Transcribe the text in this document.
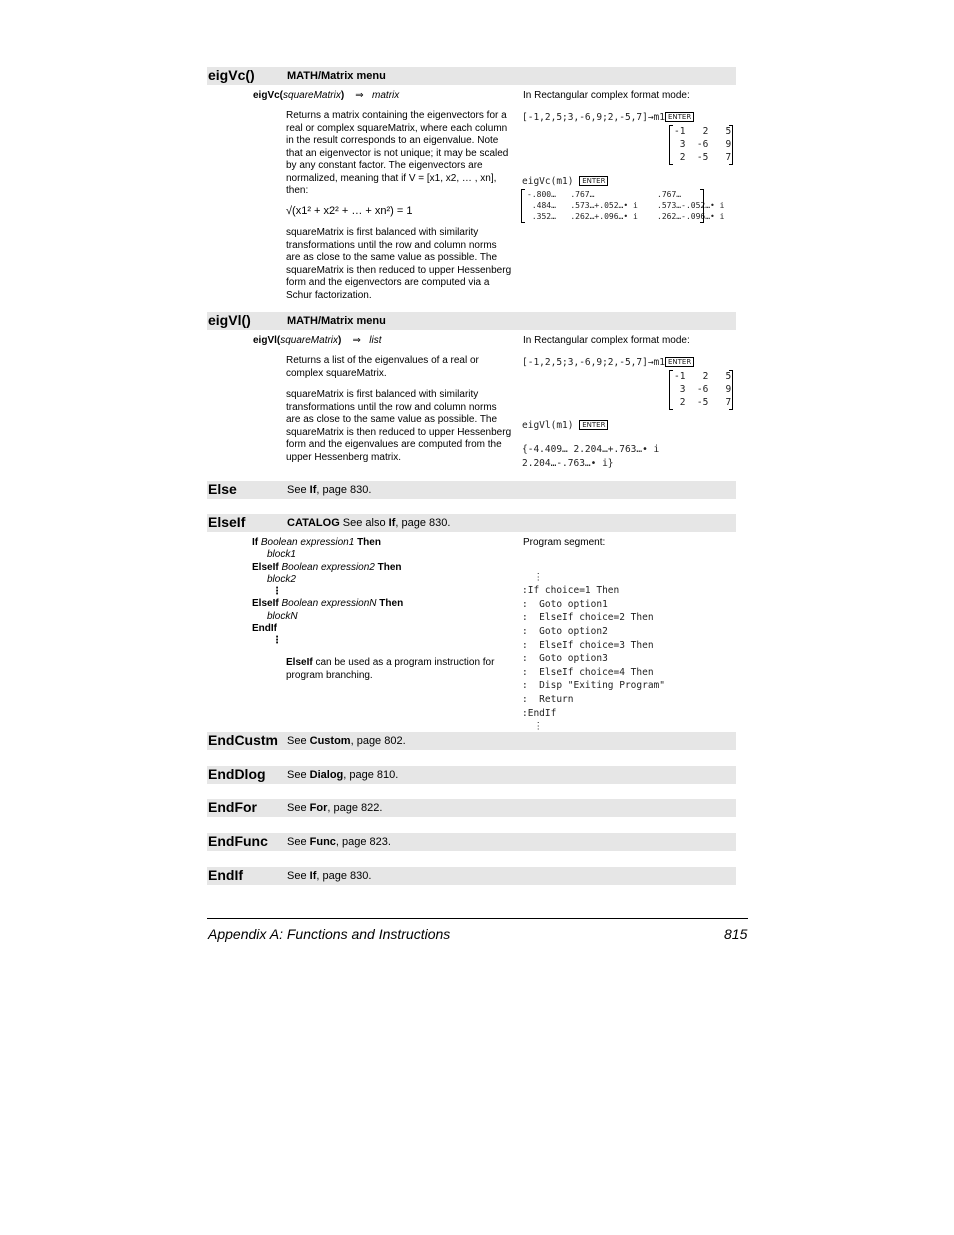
eigVc()	MATH/Matrix menu
eigVc(squareMatrix) ⇒ matrix
Returns a matrix containing the eigenvectors for a real or complex squareMatrix, where each column in the result corresponds to an eigenvalue. Note that an eigenvector is not unique; it may be scaled by any constant factor. The eigenvectors are normalized, meaning that if V = [x1, x2, … , xn], then:
√(x1² + x2² + … + xn²) = 1
squareMatrix is first balanced with similarity transformations until the row and column norms are as close to the same value as possible. The squareMatrix is then reduced to upper Hessenberg form and the eigenvectors are computed via a Schur factorization.
In Rectangular complex format mode:
[-1,2,5;3,-6,9;2,-5,7]→m1 ENTER
-1   2   5
3  -6   9
2  -5   7
eigVc(m1) ENTER
-.800…   .767…             .767…
.484…   .573…+.052…• i    .573…-.052…• i
.352…   .262…+.096…• i    .262…-.096…• i
eigVl()	MATH/Matrix menu
eigVl(squareMatrix) ⇒ list
Returns a list of the eigenvalues of a real or complex squareMatrix.
squareMatrix is first balanced with similarity transformations until the row and column norms are as close to the same value as possible. The squareMatrix is then reduced to upper Hessenberg form and the eigenvalues are computed from the upper Hessenberg matrix.
In Rectangular complex format mode:
[-1,2,5;3,-6,9;2,-5,7]→m1 ENTER
-1   2   5
3  -6   9
2  -5   7
eigVl(m1) ENTER
{-4.409… 2.204…+.763…• i
2.204…-.763…• i}
Else	See If, page 830.
ElseIf	CATALOG See also If, page 830.
If Boolean expression1 Then
block1
ElseIf Boolean expression2 Then
block2
⋮
ElseIf Boolean expressionN Then
blockN
EndIf
⋮
ElseIf can be used as a program instruction for program branching.
Program segment:

⋮
:If choice=1 Then
:  Goto option1
:  ElseIf choice=2 Then
:  Goto option2
:  ElseIf choice=3 Then
:  Goto option3
:  ElseIf choice=4 Then
:  Disp "Exiting Program"
:  Return
:EndIf
⋮

EndCustm See Custom, page 802.
EndDlog See Dialog, page 810.
EndFor	See For, page 822.
EndFunc See Func, page 823.
EndIf	See If, page 830.
Appendix A: Functions and Instructions	815
